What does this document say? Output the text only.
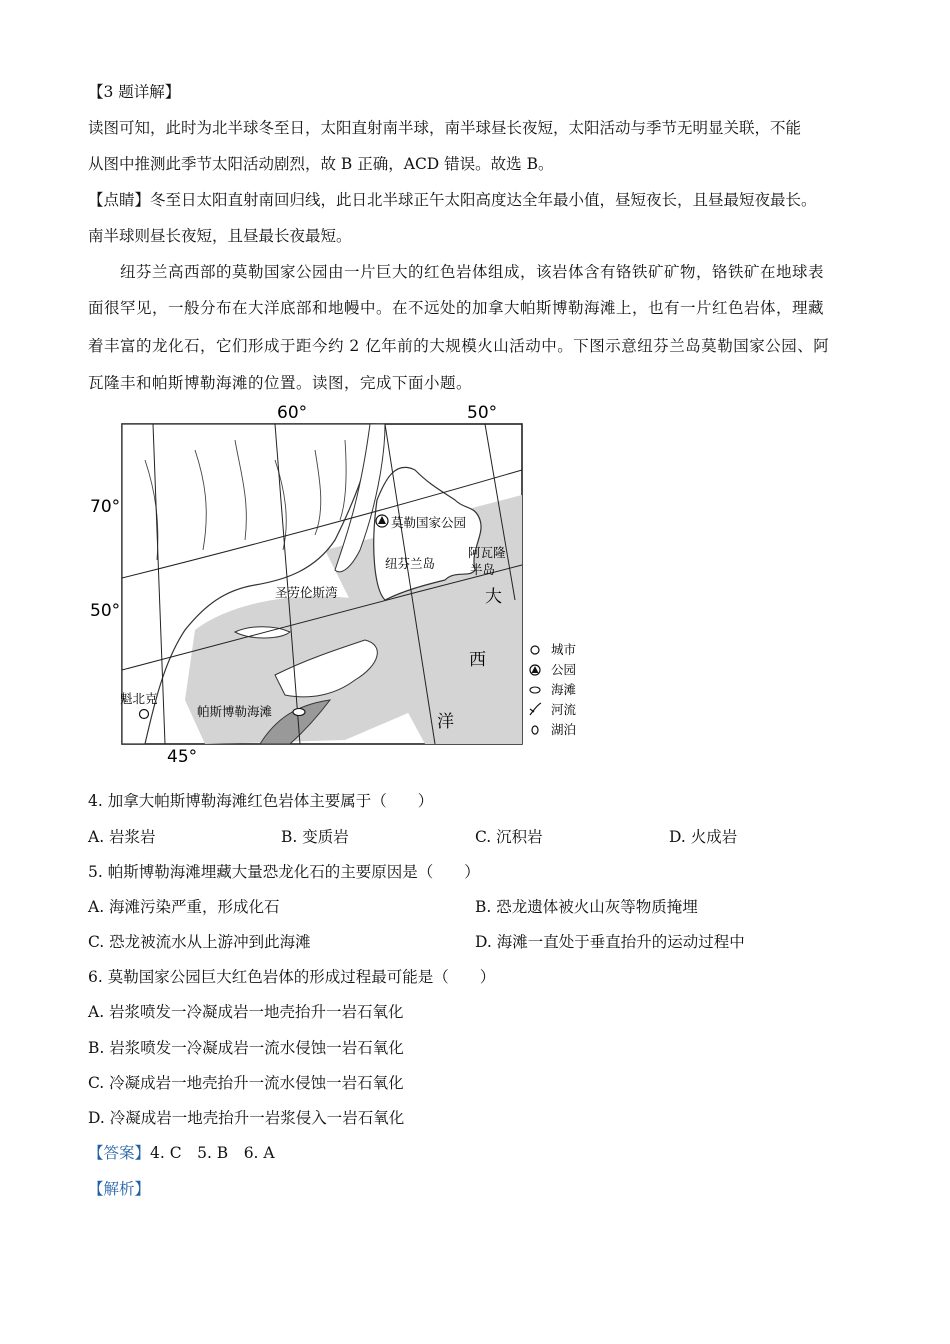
【3 题详解】
读图可知，此时为北半球冬至日，太阳直射南半球，南半球昼长夜短，太阳活动与季节无明显关联，不能
从图中推测此季节太阳活动剧烈，故 B 正确，ACD 错误。故选 B。
【点睛】冬至日太阳直射南回归线，此日北半球正午太阳高度达全年最小值，昼短夜长，且昼最短夜最长。
南半球则昼长夜短，且昼最长夜最短。
纽芬兰高西部的莫勒国家公园由一片巨大的红色岩体组成，该岩体含有铬铁矿矿物，铬铁矿在地球表
面很罕见，一般分布在大洋底部和地幔中。在不远处的加拿大帕斯博勒海滩上，也有一片红色岩体，理藏
着丰富的龙化石，它们形成于距今约 2 亿年前的大规模火山活动中。下图示意纽芬兰岛莫勒国家公园、阿
瓦隆丰和帕斯博勒海滩的位置。读图，完成下面小题。
60°	50°
70°
50°
45°
莫勒国家公园
纽芬兰岛
阿瓦隆
半岛
圣劳伦斯湾	大
西
洋
魁北克
帕斯博勒海滩
城市
公园
海滩
河流
湖泊
4. 加拿大帕斯博勒海滩红色岩体主要属于（　　）
A. 岩浆岩	B. 变质岩	C. 沉积岩	D. 火成岩
5. 帕斯博勒海滩埋藏大量恐龙化石的主要原因是（　　）
A. 海滩污染严重，形成化石	B. 恐龙遗体被火山灰等物质掩埋
C. 恐龙被流水从上游冲到此海滩	D. 海滩一直处于垂直抬升的运动过程中
6. 莫勒国家公园巨大红色岩体的形成过程最可能是（　　）
A. 岩浆喷发一冷凝成岩一地壳抬升一岩石氧化
B. 岩浆喷发一冷凝成岩一流水侵蚀一岩石氧化
C. 冷凝成岩一地壳抬升一流水侵蚀一岩石氧化
D. 冷凝成岩一地壳抬升一岩浆侵入一岩石氧化
【答案】4. C　5. B　6. A
【解析】
